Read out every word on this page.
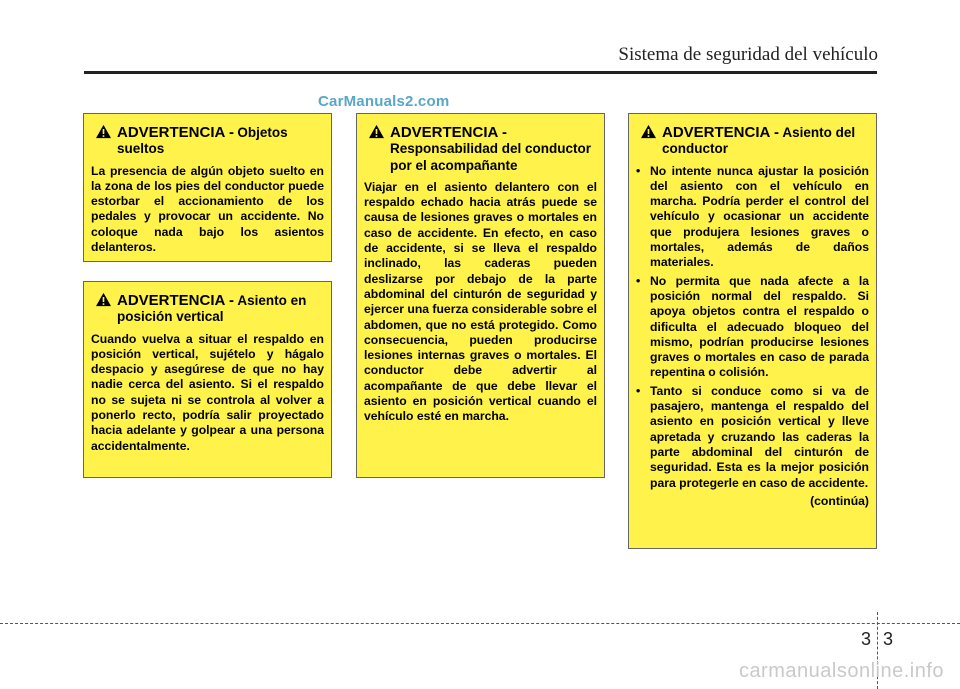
Sistema de seguridad del vehículo
CarManuals2.com
ADVERTENCIA - Objetos sueltos

La presencia de algún objeto suelto en la zona de los pies del conductor puede estorbar el accionamiento de los pedales y provocar un accidente. No coloque nada bajo los asientos delanteros.

ADVERTENCIA - Asiento en posición vertical

Cuando vuelva a situar el respaldo en posición vertical, sujételo y hágalo despacio y asegúrese de que no hay nadie cerca del asiento. Si el respaldo no se sujeta ni se controla al volver a ponerlo recto, podría salir proyectado hacia adelante y golpear a una persona accidentalmente.

ADVERTENCIA - Responsabilidad del conductor por el acompañante

Viajar en el asiento delantero con el respaldo echado hacia atrás puede se causa de lesiones graves o mortales en caso de accidente. En efecto, en caso de accidente, si se lleva el respaldo inclinado, las caderas pueden deslizarse por debajo de la parte abdominal del cinturón de seguridad y ejercer una fuerza considerable sobre el abdomen, que no está protegido. Como consecuencia, pueden producirse lesiones internas graves o mortales. El conductor debe advertir al acompañante de que debe llevar el asiento en posición vertical cuando el vehículo esté en marcha.

ADVERTENCIA - Asiento del conductor
• No intente nunca ajustar la posición del asiento con el vehículo en marcha. Podría perder el control del vehículo y ocasionar un accidente que produjera lesiones graves o mortales, además de daños materiales.
• No permita que nada afecte a la posición normal del respaldo. Si apoya objetos contra el respaldo o dificulta el adecuado bloqueo del mismo, podrían producirse lesiones graves o mortales en caso de parada repentina o colisión.
• Tanto si conduce como si va de pasajero, mantenga el respaldo del asiento en posición vertical y lleve apretada y cruzando las caderas la parte abdominal del cinturón de seguridad. Esta es la mejor posición para protegerle en caso de accidente.
(continúa)
3 3
carmanualsonline.info
